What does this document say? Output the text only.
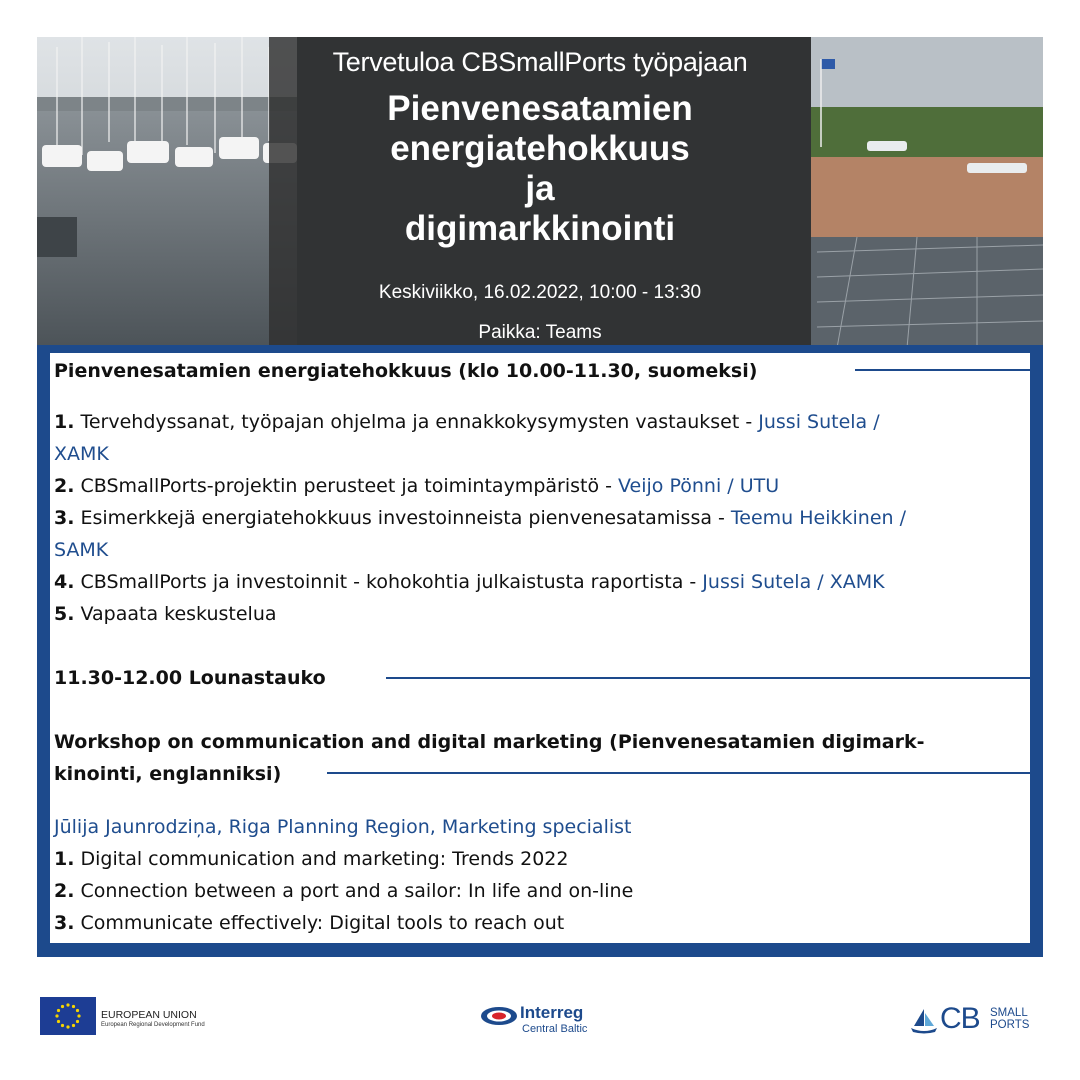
Tervetuloa CBSmallPorts työpajaan
Pienvenesatamien
energiatehokkuus
ja
digimarkkinointi
Keskiviikko, 16.02.2022, 10:00 - 13:30
Paikka: Teams
Pienvenesatamien energiatehokkuus (klo 10.00-11.30, suomeksi)
1. Tervehdyssanat, työpajan ohjelma ja ennakkokysymysten vastaukset - Jussi Sutela /
XAMK
2. CBSmallPorts-projektin perusteet ja toimintaympäristö - Veijo Pönni / UTU
3. Esimerkkejä energiatehokkuus investoinneista pienvenesatamissa - Teemu Heikkinen /
SAMK
4. CBSmallPorts ja investoinnit - kohokohtia julkaistusta raportista - Jussi Sutela / XAMK
5. Vapaata keskustelua
11.30-12.00 Lounastauko
Workshop on communication and digital marketing (Pienvenesatamien digimark-
kinointi, englanniksi)
Jūlija Jaunrodziņa, Riga Planning Region, Marketing specialist
1. Digital communication and marketing: Trends 2022
2. Connection between a port and a sailor: In life and on-line
3. Communicate effectively: Digital tools to reach out
EUROPEAN UNION
European Regional Development Fund
Interreg
Central Baltic	CB SMALL
PORTS
